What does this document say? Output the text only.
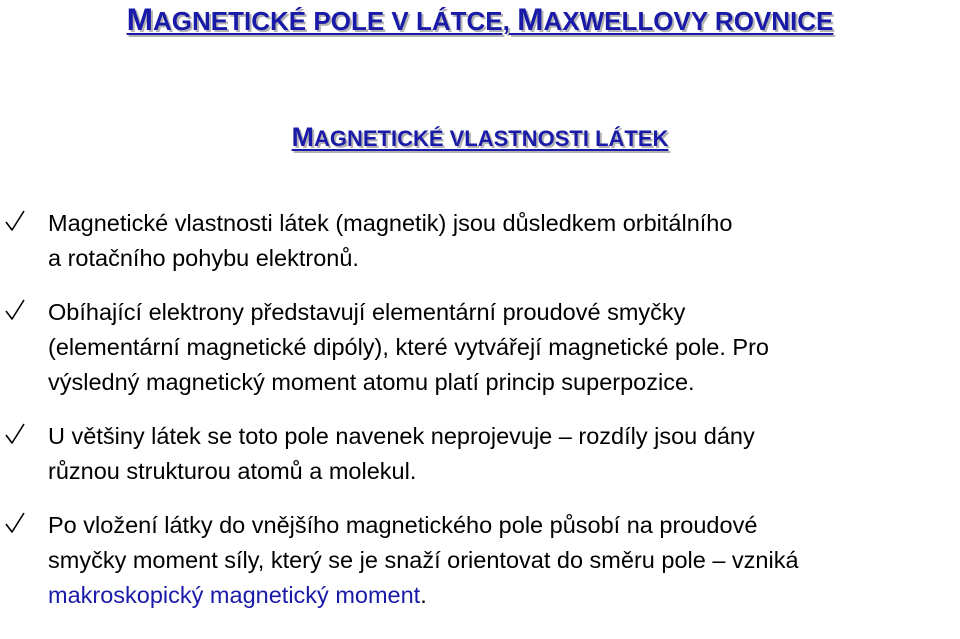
MAGNETICKÉ POLE V LÁTCE, MAXWELLOVY ROVNICE
MAGNETICKÉ VLASTNOSTI LÁTEK
Magnetické vlastnosti látek (magnetik) jsou důsledkem orbitálního
a rotačního pohybu elektronů.
Obíhající elektrony představují elementární proudové smyčky
(elementární magnetické dipóly), které vytvářejí magnetické pole. Pro
výsledný magnetický moment atomu platí princip superpozice.
U většiny látek se toto pole navenek neprojevuje – rozdíly jsou dány
různou strukturou atomů a molekul.
Po vložení látky do vnějšího magnetického pole působí na proudové
smyčky moment síly, který se je snaží orientovat do směru pole – vzniká
makroskopický magnetický moment.
